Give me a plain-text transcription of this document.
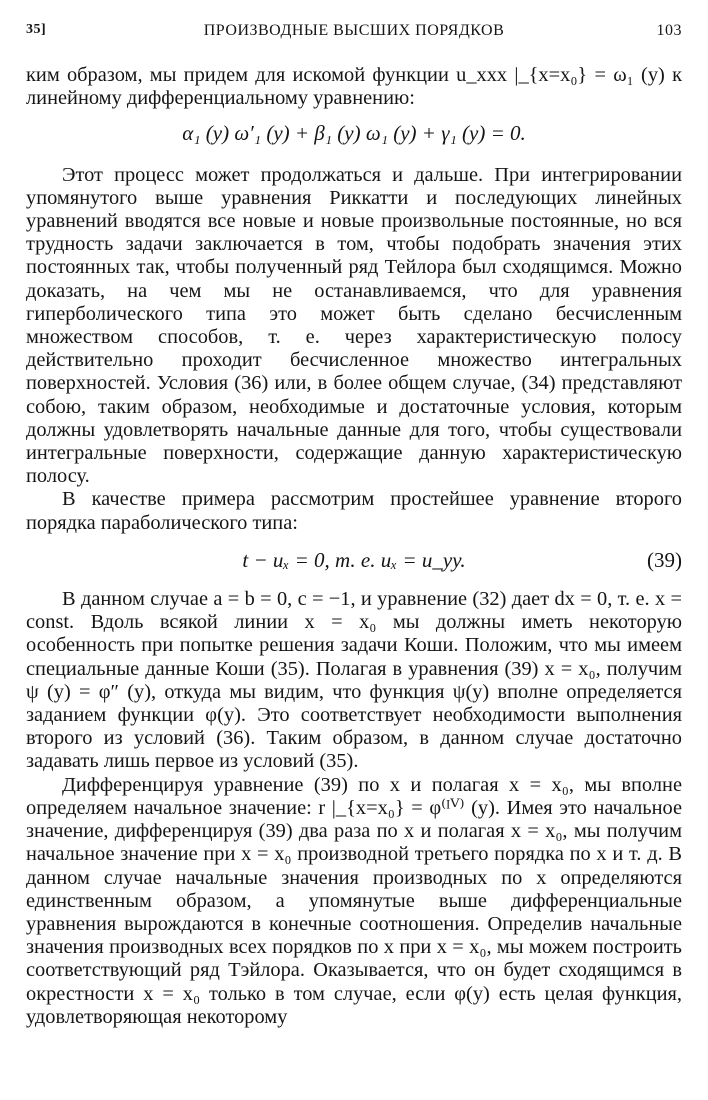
35]	ПРОИЗВОДНЫЕ ВЫСШИХ ПОРЯДКОВ	103

ким образом, мы придем для искомой функции u_xxx |_{x=x₀} = ω₁ (y) к линейному дифференциальному уравнению:

α₁ (y) ω′₁ (y) + β₁ (y) ω₁ (y) + γ₁ (y) = 0.

Этот процесс может продолжаться и дальше. При интегрировании упомянутого выше уравнения Риккатти и последующих линейных уравнений вводятся все новые и новые произвольные постоянные, но вся трудность задачи заключается в том, чтобы подобрать значения этих постоянных так, чтобы полученный ряд Тейлора был сходящимся. Можно доказать, на чем мы не останавливаемся, что для уравнения гиперболического типа это может быть сделано бесчисленным множеством способов, т. е. через характеристическую полосу действительно проходит бесчисленное множество интегральных поверхностей. Условия (36) или, в более общем случае, (34) представляют собою, таким образом, необходимые и достаточные условия, которым должны удовлетворять начальные данные для того, чтобы существовали интегральные поверхности, содержащие данную характеристическую полосу.

В качестве примера рассмотрим простейшее уравнение второго порядка параболического типа:

t − uₓ = 0, т. е. uₓ = u_yy.	(39)

В данном случае a = b = 0, c = −1, и уравнение (32) дает dx = 0, т. е. x = const. Вдоль всякой линии x = x₀ мы должны иметь некоторую особенность при попытке решения задачи Коши. Положим, что мы имеем специальные данные Коши (35). Полагая в уравнения (39) x = x₀, получим ψ (y) = φ″ (y), откуда мы видим, что функция ψ(y) вполне определяется заданием функции φ(y). Это соответствует необходимости выполнения второго из условий (36). Таким образом, в данном случае достаточно задавать лишь первое из условий (35).

Дифференцируя уравнение (39) по x и полагая x = x₀, мы вполне определяем начальное значение: r |_{x=x₀} = φ⁽ᴵⱽ⁾ (y). Имея это начальное значение, дифференцируя (39) два раза по x и полагая x = x₀, мы получим начальное значение при x = x₀ производной третьего порядка по x и т. д. В данном случае начальные значения производных по x определяются единственным образом, а упомянутые выше дифференциальные уравнения вырождаются в конечные соотношения. Определив начальные значения производных всех порядков по x при x = x₀, мы можем построить соответствующий ряд Тэйлора. Оказывается, что он будет сходящимся в окрестности x = x₀ только в том случае, если φ(y) есть целая функция, удовлетворяющая некоторому
